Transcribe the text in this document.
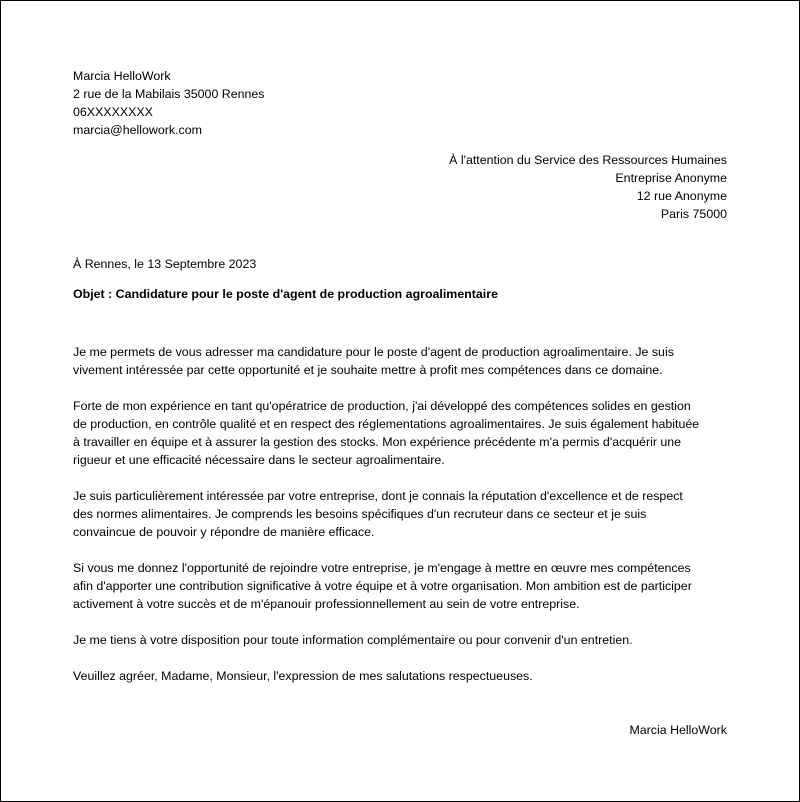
Marcia HelloWork
2 rue de la Mabilais 35000 Rennes
06XXXXXXXX
marcia@hellowork.com
À l'attention du Service des Ressources Humaines
Entreprise Anonyme
12 rue Anonyme
Paris 75000
À Rennes, le 13 Septembre 2023
Objet : Candidature pour le poste d'agent de production agroalimentaire

Je me permets de vous adresser ma candidature pour le poste d'agent de production agroalimentaire. Je suis
vivement intéressée par cette opportunité et je souhaite mettre à profit mes compétences dans ce domaine.

Forte de mon expérience en tant qu'opératrice de production, j'ai développé des compétences solides en gestion
de production, en contrôle qualité et en respect des réglementations agroalimentaires. Je suis également habituée
à travailler en équipe et à assurer la gestion des stocks. Mon expérience précédente m'a permis d'acquérir une
rigueur et une efficacité nécessaire dans le secteur agroalimentaire.

Je suis particulièrement intéressée par votre entreprise, dont je connais la réputation d'excellence et de respect
des normes alimentaires. Je comprends les besoins spécifiques d'un recruteur dans ce secteur et je suis
convaincue de pouvoir y répondre de manière efficace.

Si vous me donnez l'opportunité de rejoindre votre entreprise, je m'engage à mettre en œuvre mes compétences
afin d'apporter une contribution significative à votre équipe et à votre organisation. Mon ambition est de participer
activement à votre succès et de m'épanouir professionnellement au sein de votre entreprise.

Je me tiens à votre disposition pour toute information complémentaire ou pour convenir d'un entretien.

Veuillez agréer, Madame, Monsieur, l'expression de mes salutations respectueuses.

Marcia HelloWork
